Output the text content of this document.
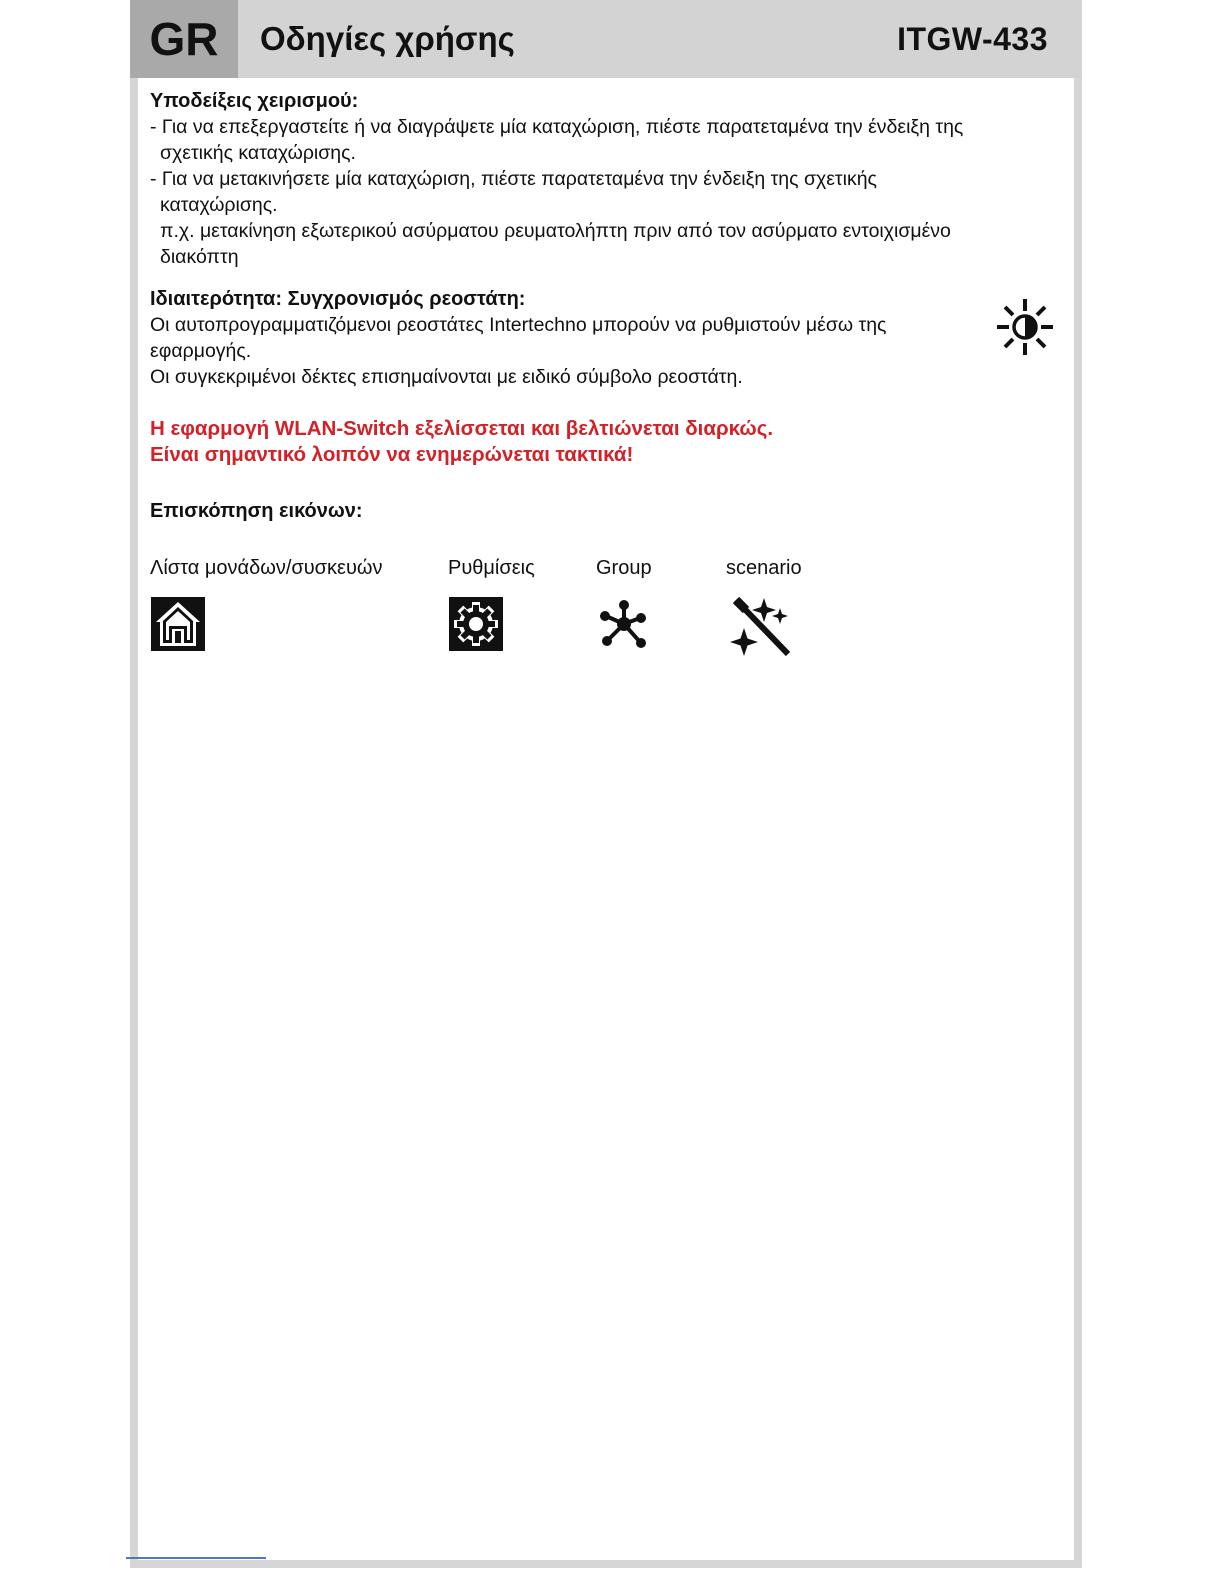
GR	Οδηγίες χρήσης	ITGW-433

Υποδείξεις χειρισμού:

- Για να επεξεργαστείτε ή να διαγράψετε μία καταχώριση, πιέστε παρατεταμένα την ένδειξη της

σχετικής καταχώρισης.

- Για να μετακινήσετε μία καταχώριση, πιέστε παρατεταμένα την ένδειξη της σχετικής

καταχώρισης.

π.χ. μετακίνηση εξωτερικού ασύρματου ρευματολήπτη πριν από τον ασύρματο εντοιχισμένο

διακόπτη

Ιδιαιτερότητα: Συγχρονισμός ρεοστάτη:

Οι αυτοπρογραμματιζόμενοι ρεοστάτες Intertechno μπορούν να ρυθμιστούν μέσω της

εφαρμογής.

Οι συγκεκριμένοι δέκτες επισημαίνονται με ειδικό σύμβολο ρεοστάτη.

Η εφαρμογή WLAN-Switch εξελίσσεται και βελτιώνεται διαρκώς.

Είναι σημαντικό λοιπόν να ενημερώνεται τακτικά!

Επισκόπηση εικόνων:

Λίστα μονάδων/συσκευών	Ρυθμίσεις	Group	scenario
